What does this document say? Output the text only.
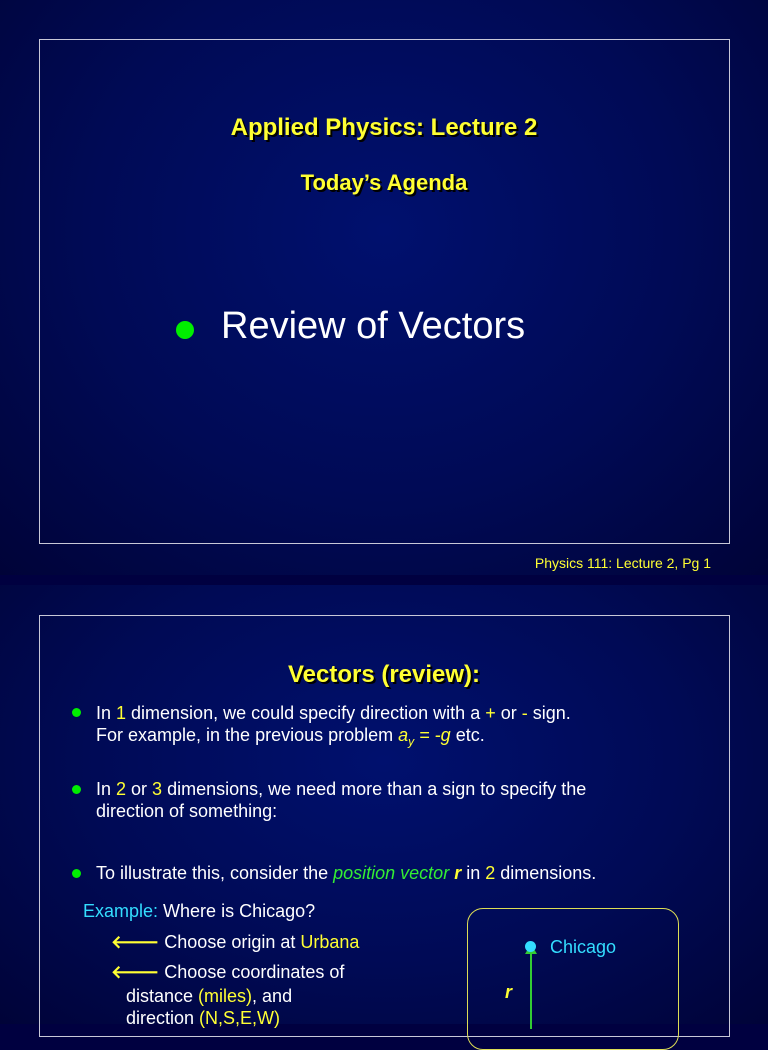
Applied Physics: Lecture 2
Today’s Agenda
Review of Vectors
Physics 111: Lecture 2, Pg 1
Vectors (review):
In 1 dimension, we could specify direction with a + or - sign.
For example, in the previous problem $a_y = -g$ etc.
In 2 or 3 dimensions, we need more than a sign to specify the
direction of something:
To illustrate this, consider the position vector r in 2 dimensions.
Example: Where is Chicago?
🡐 Choose origin at Urbana
🡐 Choose coordinates of
distance (miles), and
direction (N,S,E,W)
Chicago
r
